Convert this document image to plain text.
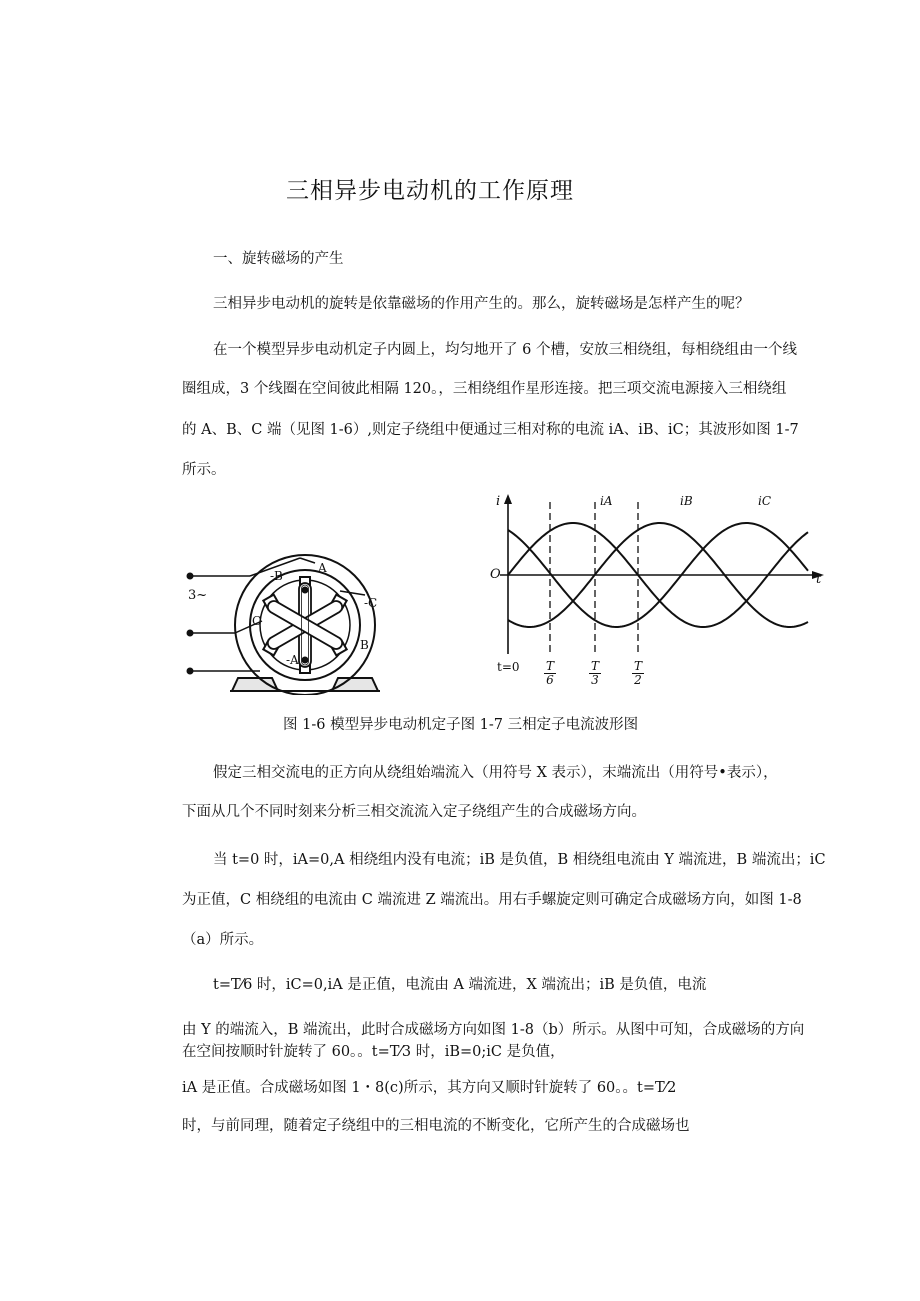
三相异步电动机的工作原理
一、旋转磁场的产生
三相异步电动机的旋转是依靠磁场的作用产生的。那么，旋转磁场是怎样产生的呢？
在一个模型异步电动机定子内圆上，均匀地开了 6 个槽，安放三相绕组，每相绕组由一个线
圈组成，3 个线圈在空间彼此相隔 120。，三相绕组作星形连接。把三项交流电源接入三相绕组
的 A、B、C 端（见图 1-6）,则定子绕组中便通过三相对称的电流 iA、iB、iC；其波形如图 1-7
所示。
3~
A
-B
-C
C
B
-A
i
t
O
iA	iB	iC
$t=0 \frac{T}{6}$	$\frac{T}{3}$	$\frac{T}{2}$
图 1-6 模型异步电动机定子图 1-7 三相定子电流波形图
假定三相交流电的正方向从绕组始端流入（用符号 X 表示），末端流出（用符号•表示），
下面从几个不同时刻来分析三相交流流入定子绕组产生的合成磁场方向。
当 t=0 时，iA=0,A 相绕组内没有电流；iB 是负值，B 相绕组电流由 Y 端流进，B 端流出；iC
为正值，C 相绕组的电流由 C 端流进 Z 端流出。用右手螺旋定则可确定合成磁场方向，如图 1-8
（a）所示。
t=T⁄6 时，iC=0,iA 是正值，电流由 A 端流进，X 端流出；iB 是负值，电流
由 Y 的端流入，B 端流出，此时合成磁场方向如图 1-8（b）所示。从图中可知，合成磁场的方向
在空间按顺时针旋转了 60。。t=T⁄3 时，iB=0;iC 是负值，
iA 是正值。合成磁场如图 1・8(c)所示，其方向又顺时针旋转了 60。。t=T⁄2
时，与前同理，随着定子绕组中的三相电流的不断变化，它所产生的合成磁场也
